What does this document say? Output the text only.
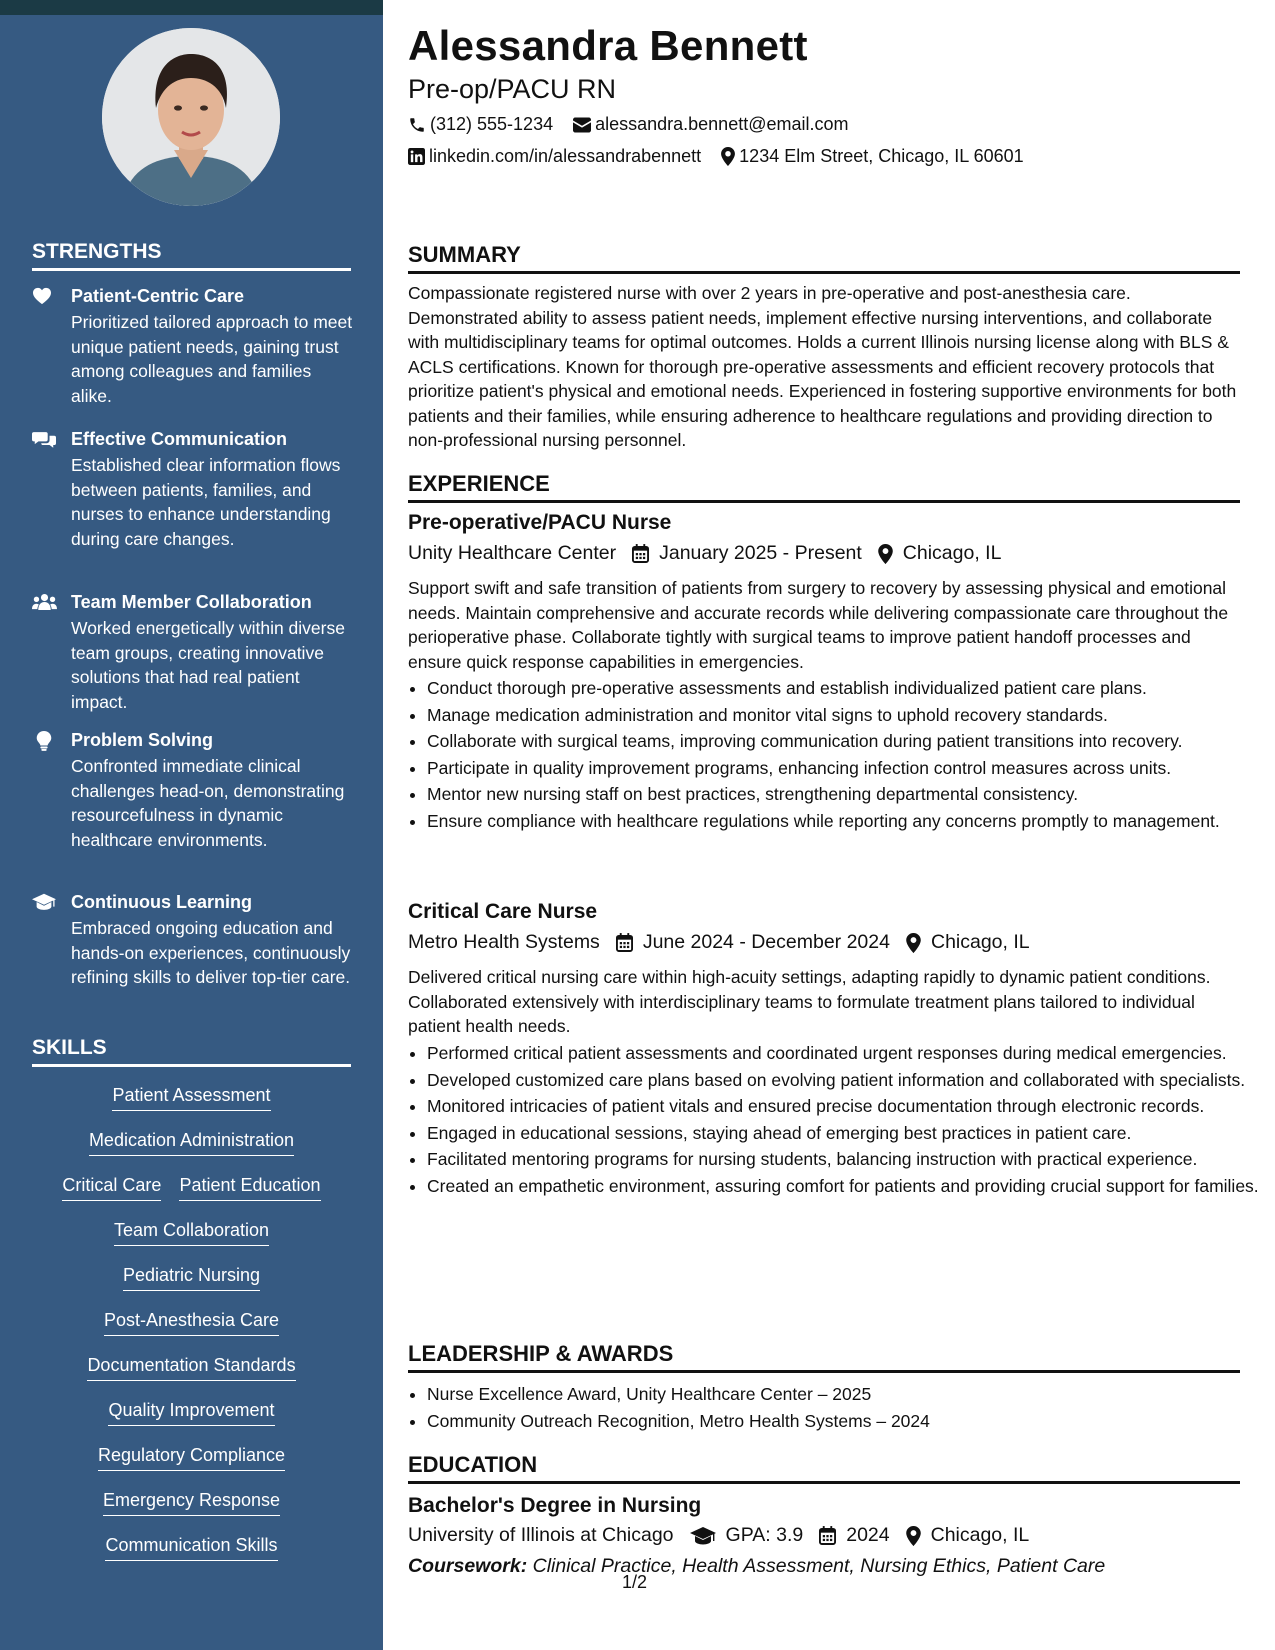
STRENGTHS
Patient-Centric Care
Prioritized tailored approach to meet unique patient needs, gaining trust among colleagues and families alike.
Effective Communication
Established clear information flows between patients, families, and nurses to enhance understanding during care changes.
Team Member Collaboration
Worked energetically within diverse team groups, creating innovative solutions that had real patient impact.
Problem Solving
Confronted immediate clinical challenges head-on, demonstrating resourcefulness in dynamic healthcare environments.
Continuous Learning
Embraced ongoing education and hands-on experiences, continuously refining skills to deliver top-tier care.
SKILLS
Patient Assessment
Medication Administration
Critical Care Patient Education
Team Collaboration
Pediatric Nursing
Post-Anesthesia Care
Documentation Standards
Quality Improvement
Regulatory Compliance
Emergency Response
Communication Skills
Alessandra Bennett
Pre-op/PACU RN
(312) 555-1234 alessandra.bennett@email.com
linkedin.com/in/alessandrabennett 1234 Elm Street, Chicago, IL 60601
SUMMARY
Compassionate registered nurse with over 2 years in pre-operative and post-anesthesia care. Demonstrated ability to assess patient needs, implement effective nursing interventions, and collaborate with multidisciplinary teams for optimal outcomes. Holds a current Illinois nursing license along with BLS & ACLS certifications. Known for thorough pre-operative assessments and efficient recovery protocols that prioritize patient's physical and emotional needs. Experienced in fostering supportive environments for both patients and their families, while ensuring adherence to healthcare regulations and providing direction to non-professional nursing personnel.
EXPERIENCE
Pre-operative/PACU Nurse
Unity Healthcare Center January 2025 - Present Chicago, IL
Support swift and safe transition of patients from surgery to recovery by assessing physical and emotional needs. Maintain comprehensive and accurate records while delivering compassionate care throughout the perioperative phase. Collaborate tightly with surgical teams to improve patient handoff processes and ensure quick response capabilities in emergencies.
• Conduct thorough pre-operative assessments and establish individualized patient care plans.
• Manage medication administration and monitor vital signs to uphold recovery standards.
• Collaborate with surgical teams, improving communication during patient transitions into recovery.
• Participate in quality improvement programs, enhancing infection control measures across units.
• Mentor new nursing staff on best practices, strengthening departmental consistency.
• Ensure compliance with healthcare regulations while reporting any concerns promptly to management.
Critical Care Nurse
Metro Health Systems June 2024 - December 2024 Chicago, IL
Delivered critical nursing care within high-acuity settings, adapting rapidly to dynamic patient conditions. Collaborated extensively with interdisciplinary teams to formulate treatment plans tailored to individual patient health needs.
• Performed critical patient assessments and coordinated urgent responses during medical emergencies.
• Developed customized care plans based on evolving patient information and collaborated with specialists.
• Monitored intricacies of patient vitals and ensured precise documentation through electronic records.
• Engaged in educational sessions, staying ahead of emerging best practices in patient care.
• Facilitated mentoring programs for nursing students, balancing instruction with practical experience.
• Created an empathetic environment, assuring comfort for patients and providing crucial support for families.
LEADERSHIP & AWARDS
• Nurse Excellence Award, Unity Healthcare Center – 2025
• Community Outreach Recognition, Metro Health Systems – 2024
EDUCATION
Bachelor's Degree in Nursing
University of Illinois at Chicago	GPA: 3.9 2024 Chicago, IL
Coursework: Clinical Practice, Health Assessment, Nursing Ethics, Patient Care
1/2
